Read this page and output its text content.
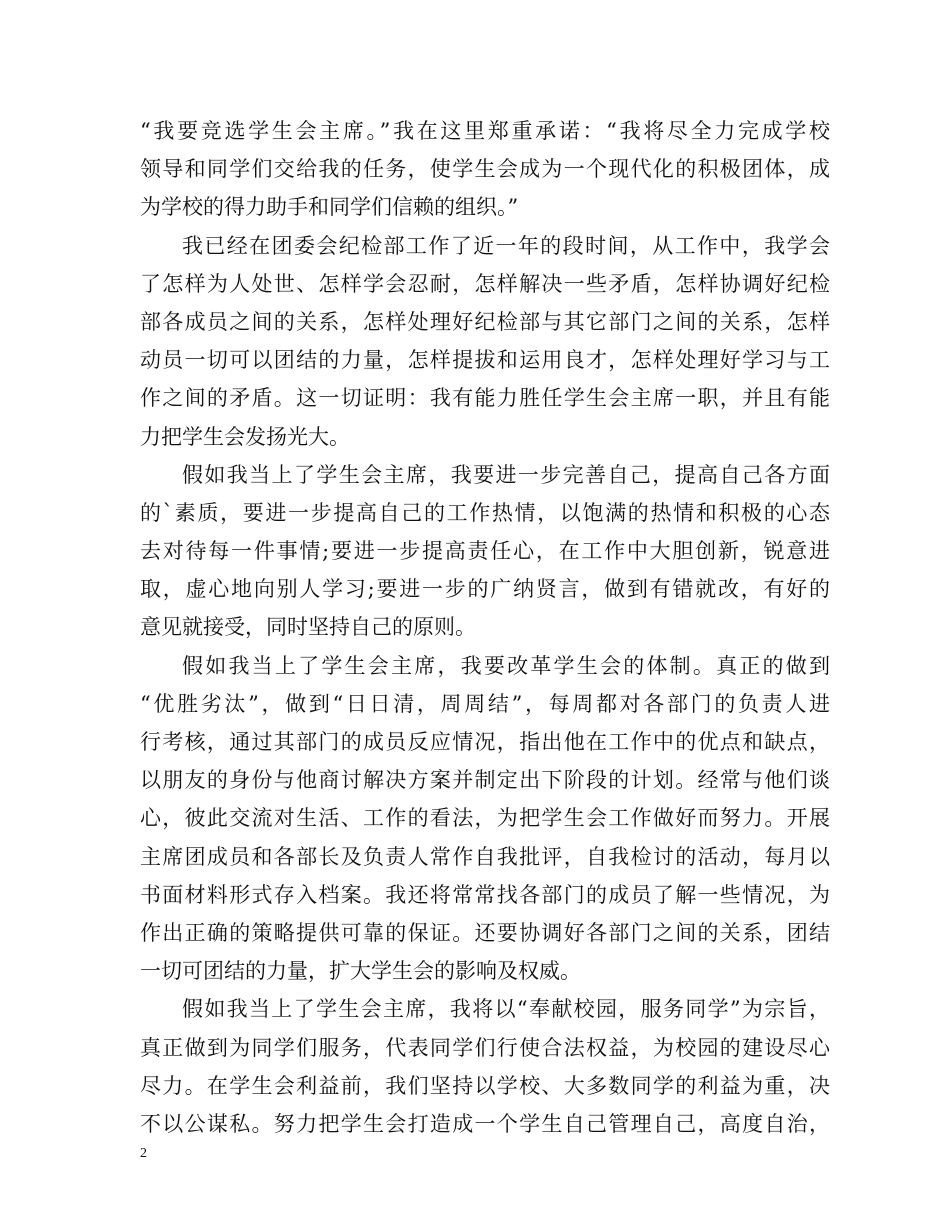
“我要竞选学生会主席。”我在这里郑重承诺：“我将尽全力完成学校
领导和同学们交给我的任务，使学生会成为一个现代化的积极团体，成
为学校的得力助手和同学们信赖的组织。”
我已经在团委会纪检部工作了近一年的段时间，从工作中，我学会
了怎样为人处世、怎样学会忍耐，怎样解决一些矛盾，怎样协调好纪检
部各成员之间的关系，怎样处理好纪检部与其它部门之间的关系，怎样
动员一切可以团结的力量，怎样提拔和运用良才，怎样处理好学习与工
作之间的矛盾。这一切证明：我有能力胜任学生会主席一职，并且有能
力把学生会发扬光大。
假如我当上了学生会主席，我要进一步完善自己，提高自己各方面
的`素质，要进一步提高自己的工作热情，以饱满的热情和积极的心态
去对待每一件事情;要进一步提高责任心，在工作中大胆创新，锐意进
取，虚心地向别人学习;要进一步的广纳贤言，做到有错就改，有好的
意见就接受，同时坚持自己的原则。
假如我当上了学生会主席，我要改革学生会的体制。真正的做到
“优胜劣汰”，做到“日日清，周周结”，每周都对各部门的负责人进
行考核，通过其部门的成员反应情况，指出他在工作中的优点和缺点，
以朋友的身份与他商讨解决方案并制定出下阶段的计划。经常与他们谈
心，彼此交流对生活、工作的看法，为把学生会工作做好而努力。开展
主席团成员和各部长及负责人常作自我批评，自我检讨的活动，每月以
书面材料形式存入档案。我还将常常找各部门的成员了解一些情况，为
作出正确的策略提供可靠的保证。还要协调好各部门之间的关系，团结
一切可团结的力量，扩大学生会的影响及权威。
假如我当上了学生会主席，我将以“奉献校园，服务同学”为宗旨，
真正做到为同学们服务，代表同学们行使合法权益，为校园的建设尽心
尽力。在学生会利益前，我们坚持以学校、大多数同学的利益为重，决
不以公谋私。努力把学生会打造成一个学生自己管理自己，高度自治，
2
